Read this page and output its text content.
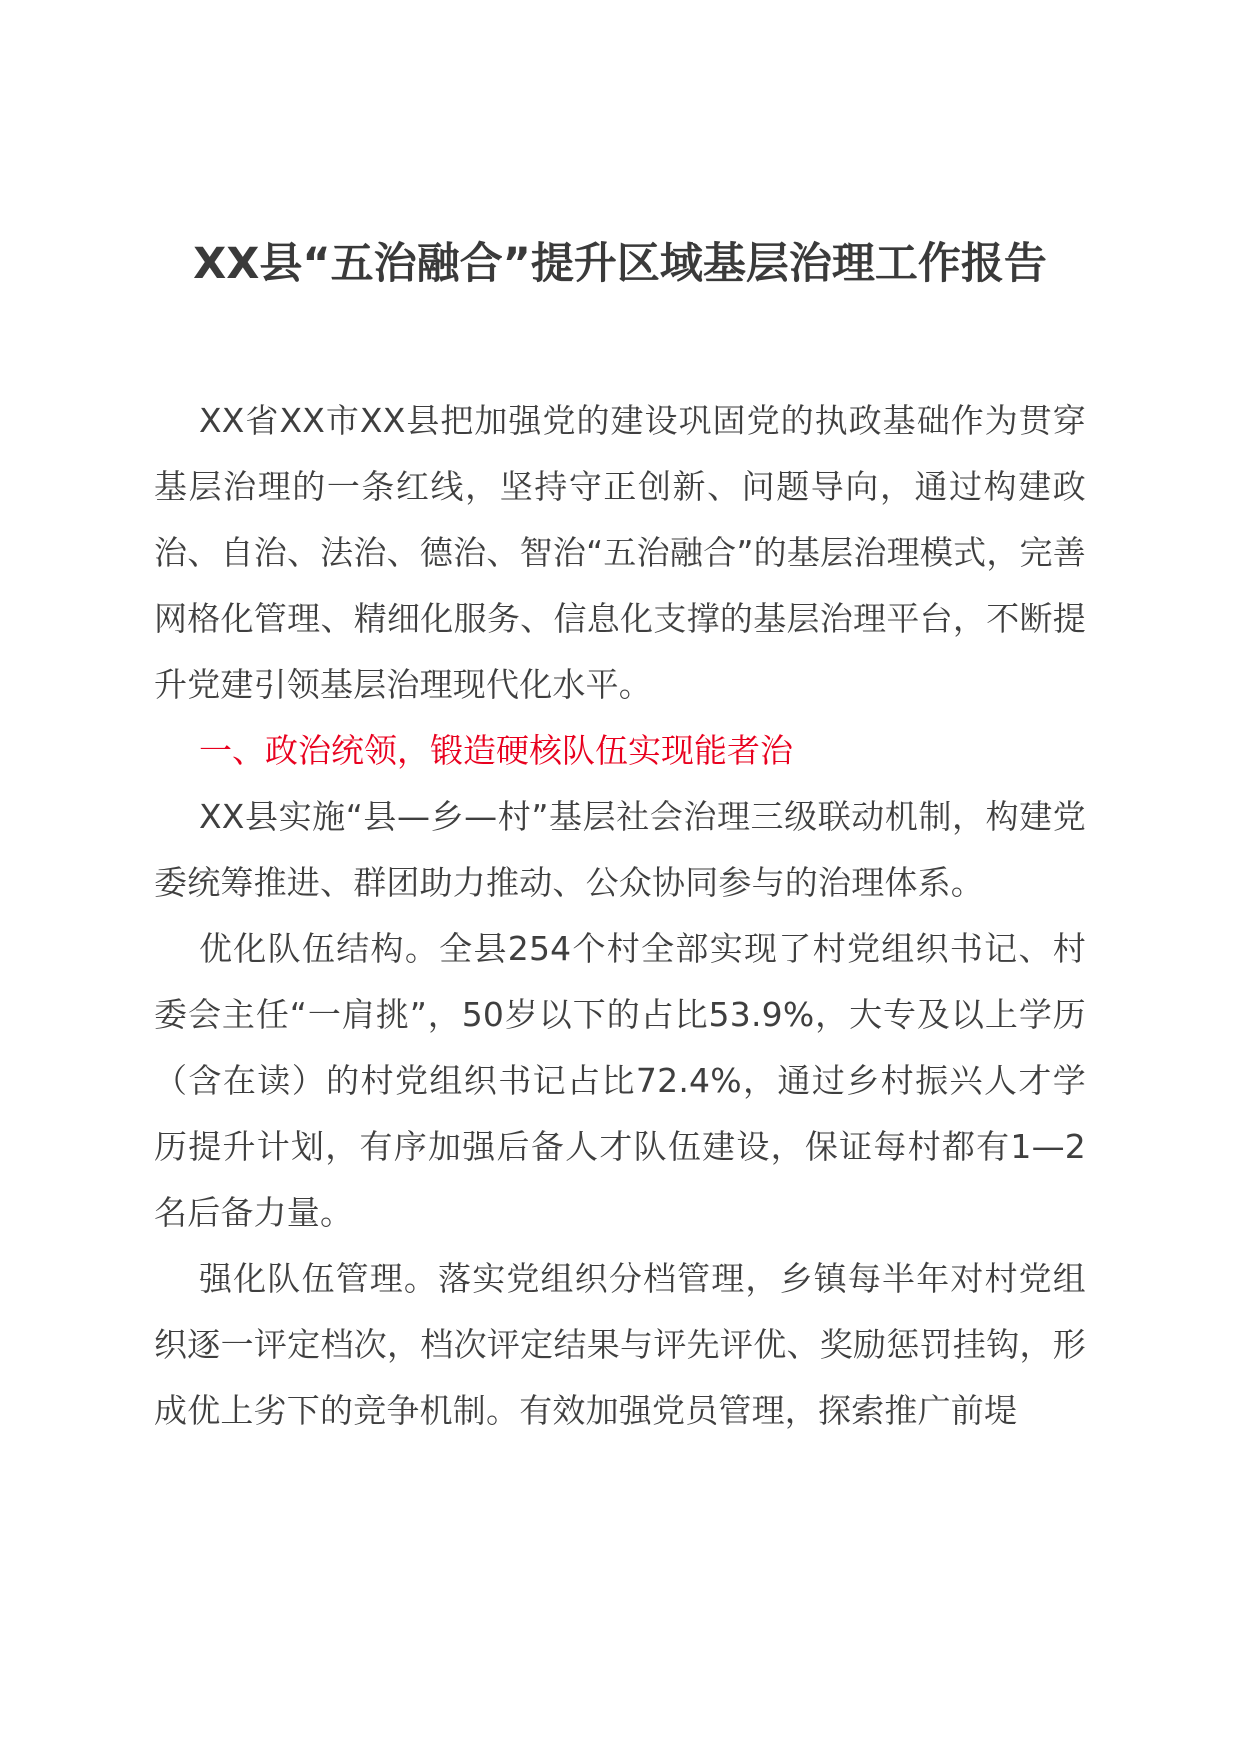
XX县“五治融合”提升区域基层治理工作报告

XX省XX市XX县把加强党的建设巩固党的执政基础作为贯穿基层治理的一条红线，坚持守正创新、问题导向，通过构建政治、自治、法治、德治、智治“五治融合”的基层治理模式，完善网格化管理、精细化服务、信息化支撑的基层治理平台，不断提升党建引领基层治理现代化水平。

一、政治统领，锻造硬核队伍实现能者治

XX县实施“县—乡—村”基层社会治理三级联动机制，构建党委统筹推进、群团助力推动、公众协同参与的治理体系。

优化队伍结构。全县254个村全部实现了村党组织书记、村委会主任“一肩挑”，50岁以下的占比53.9%，大专及以上学历（含在读）的村党组织书记占比72.4%，通过乡村振兴人才学历提升计划，有序加强后备人才队伍建设，保证每村都有1—2名后备力量。

强化队伍管理。落实党组织分档管理，乡镇每半年对村党组织逐一评定档次，档次评定结果与评先评优、奖励惩罚挂钩，形成优上劣下的竞争机制。有效加强党员管理，探索推广前堤
